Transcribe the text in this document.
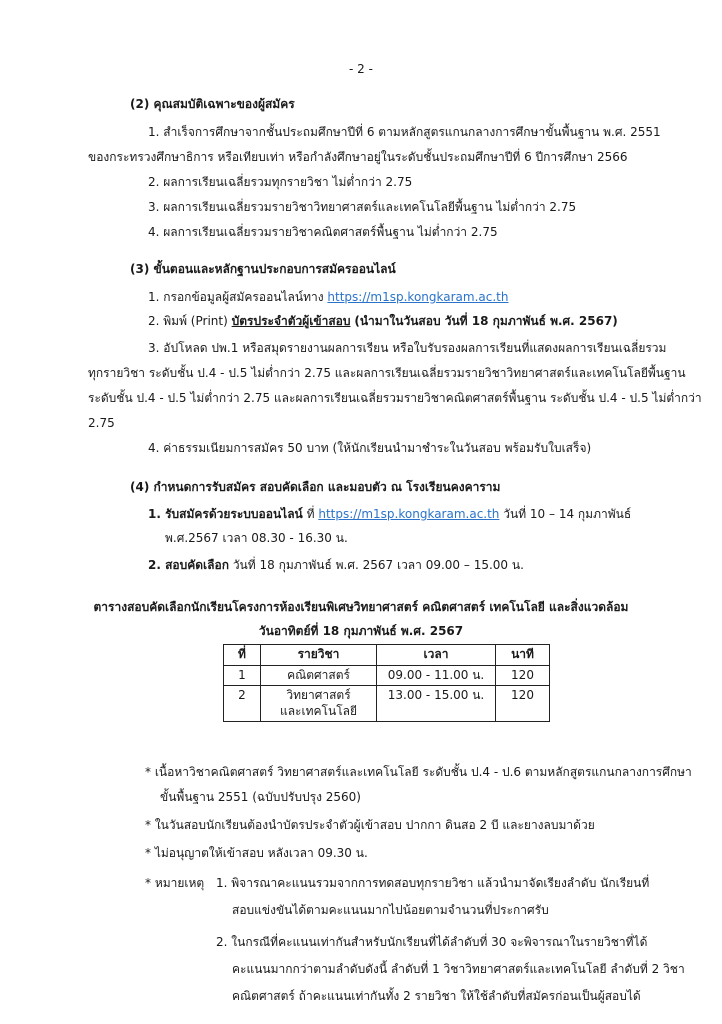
- 2 -
(2) คุณสมบัติเฉพาะของผู้สมัคร
1. สำเร็จการศึกษาจากชั้นประถมศึกษาปีที่ 6 ตามหลักสูตรแกนกลางการศึกษาขั้นพื้นฐาน พ.ศ. 2551
ของกระทรวงศึกษาธิการ หรือเทียบเท่า หรือกำลังศึกษาอยู่ในระดับชั้นประถมศึกษาปีที่ 6 ปีการศึกษา 2566
2. ผลการเรียนเฉลี่ยรวมทุกรายวิชา ไม่ต่ำกว่า 2.75
3. ผลการเรียนเฉลี่ยรวมรายวิชาวิทยาศาสตร์และเทคโนโลยีพื้นฐาน ไม่ต่ำกว่า 2.75
4. ผลการเรียนเฉลี่ยรวมรายวิชาคณิตศาสตร์พื้นฐาน ไม่ต่ำกว่า 2.75
(3) ขั้นตอนและหลักฐานประกอบการสมัครออนไลน์
1. กรอกข้อมูลผู้สมัครออนไลน์ทาง https://m1sp.kongkaram.ac.th
2. พิมพ์ (Print) บัตรประจำตัวผู้เข้าสอบ (นำมาในวันสอบ วันที่ 18 กุมภาพันธ์ พ.ศ. 2567)
3. อัปโหลด ปพ.1 หรือสมุดรายงานผลการเรียน หรือใบรับรองผลการเรียนที่แสดงผลการเรียนเฉลี่ยรวม
ทุกรายวิชา ระดับชั้น ป.4 - ป.5 ไม่ต่ำกว่า 2.75 และผลการเรียนเฉลี่ยรวมรายวิชาวิทยาศาสตร์และเทคโนโลยีพื้นฐาน
ระดับชั้น ป.4 - ป.5 ไม่ต่ำกว่า 2.75 และผลการเรียนเฉลี่ยรวมรายวิชาคณิตศาสตร์พื้นฐาน ระดับชั้น ป.4 - ป.5 ไม่ต่ำกว่า
2.75
4. ค่าธรรมเนียมการสมัคร 50 บาท (ให้นักเรียนนำมาชำระในวันสอบ พร้อมรับใบเสร็จ)
(4) กำหนดการรับสมัคร สอบคัดเลือก และมอบตัว ณ โรงเรียนคงคาราม
1. รับสมัครด้วยระบบออนไลน์ ที่ https://m1sp.kongkaram.ac.th วันที่ 10 – 14 กุมภาพันธ์
พ.ศ.2567 เวลา 08.30 - 16.30 น.
2. สอบคัดเลือก วันที่ 18 กุมภาพันธ์ พ.ศ. 2567 เวลา 09.00 – 15.00 น.
ตารางสอบคัดเลือกนักเรียนโครงการห้องเรียนพิเศษวิทยาศาสตร์ คณิตศาสตร์ เทคโนโลยี และสิ่งแวดล้อม
วันอาทิตย์ที่ 18 กุมภาพันธ์ พ.ศ. 2567
ที่	รายวิชา	เวลา	นาที
1	คณิตศาสตร์	09.00 - 11.00 น.	120
2	วิทยาศาสตร์
และเทคโนโลยี	13.00 - 15.00 น.	120
* เนื้อหาวิชาคณิตศาสตร์ วิทยาศาสตร์และเทคโนโลยี ระดับชั้น ป.4 - ป.6 ตามหลักสูตรแกนกลางการศึกษา
ขั้นพื้นฐาน 2551 (ฉบับปรับปรุง 2560)
* ในวันสอบนักเรียนต้องนำบัตรประจำตัวผู้เข้าสอบ ปากกา ดินสอ 2 บี และยางลบมาด้วย
* ไม่อนุญาตให้เข้าสอบ หลังเวลา 09.30 น.
* หมายเหตุ 1. พิจารณาคะแนนรวมจากการทดสอบทุกรายวิชา แล้วนำมาจัดเรียงลำดับ นักเรียนที่
สอบแข่งขันได้ตามคะแนนมากไปน้อยตามจำนวนที่ประกาศรับ
2. ในกรณีที่คะแนนเท่ากันสำหรับนักเรียนที่ได้ลำดับที่ 30 จะพิจารณาในรายวิชาที่ได้
คะแนนมากกว่าตามลำดับดังนี้ ลำดับที่ 1 วิชาวิทยาศาสตร์และเทคโนโลยี ลำดับที่ 2 วิชา
คณิตศาสตร์ ถ้าคะแนนเท่ากันทั้ง 2 รายวิชา ให้ใช้ลำดับที่สมัครก่อนเป็นผู้สอบได้
